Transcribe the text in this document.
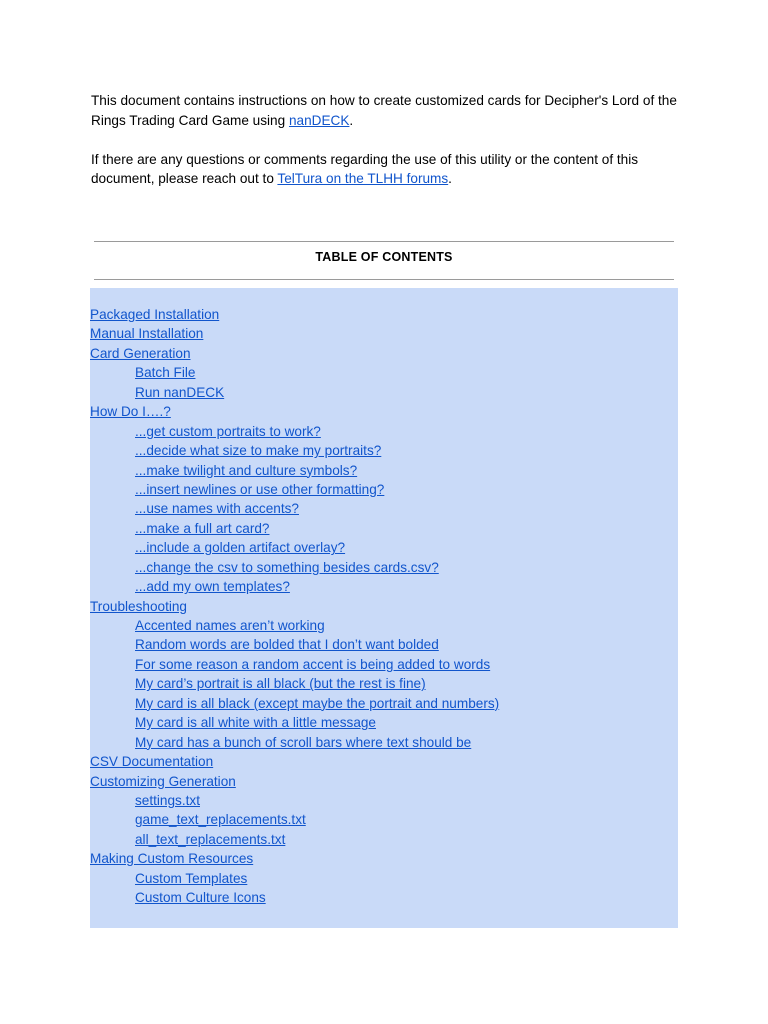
This document contains instructions on how to create customized cards for Decipher's Lord of the Rings Trading Card Game using nanDECK.

If there are any questions or comments regarding the use of this utility or the content of this document, please reach out to TelTura on the TLHH forums.

TABLE OF CONTENTS
Packaged Installation
Manual Installation
Card Generation
Batch File
Run nanDECK
How Do I….?
...get custom portraits to work?
...decide what size to make my portraits?
...make twilight and culture symbols?
...insert newlines or use other formatting?
...use names with accents?
...make a full art card?
...include a golden artifact overlay?
...change the csv to something besides cards.csv?
...add my own templates?
Troubleshooting
Accented names aren’t working
Random words are bolded that I don’t want bolded
For some reason a random accent is being added to words
My card’s portrait is all black (but the rest is fine)
My card is all black (except maybe the portrait and numbers)
My card is all white with a little message
My card has a bunch of scroll bars where text should be
CSV Documentation
Customizing Generation
settings.txt
game_text_replacements.txt
all_text_replacements.txt
Making Custom Resources
Custom Templates
Custom Culture Icons
